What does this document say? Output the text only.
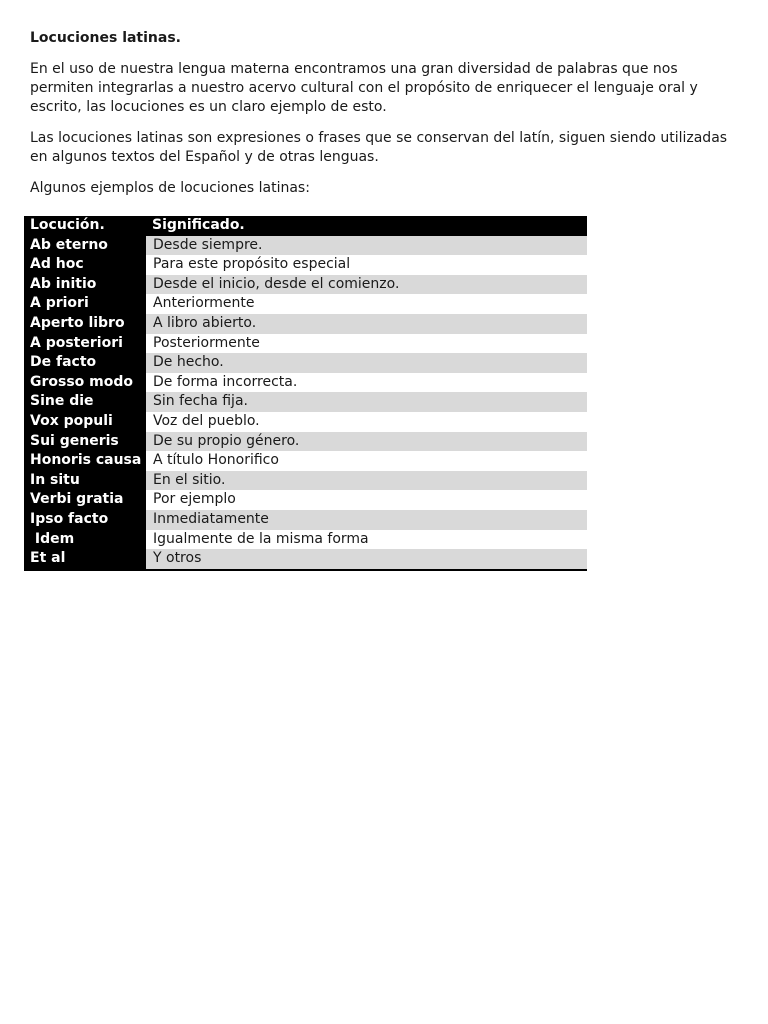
Locuciones latinas.

En el uso de nuestra lengua materna encontramos una gran diversidad de palabras que nos permiten integrarlas a nuestro acervo cultural con el propósito de enriquecer el lenguaje oral y escrito, las locuciones es un claro ejemplo de esto.

Las locuciones latinas son expresiones o frases que se conservan del latín, siguen siendo utilizadas en algunos textos del Español y de otras lenguas.

Algunos ejemplos de locuciones latinas:

Locución.	Significado.
Ab eterno	Desde siempre.
Ad hoc	Para este propósito especial
Ab initio	Desde el inicio, desde el comienzo.
A priori	Anteriormente
Aperto libro	A libro abierto.
A posteriori	Posteriormente
De facto	De hecho.
Grosso modo	De forma incorrecta.
Sine die	Sin fecha fija.
Vox populi	Voz del pueblo.
Sui generis	De su propio género.
Honoris causa	A título Honorifico
In situ	En el sitio.
Verbi gratia	Por ejemplo
Ipso facto	Inmediatamente
Idem	Igualmente de la misma forma
Et al	Y otros
